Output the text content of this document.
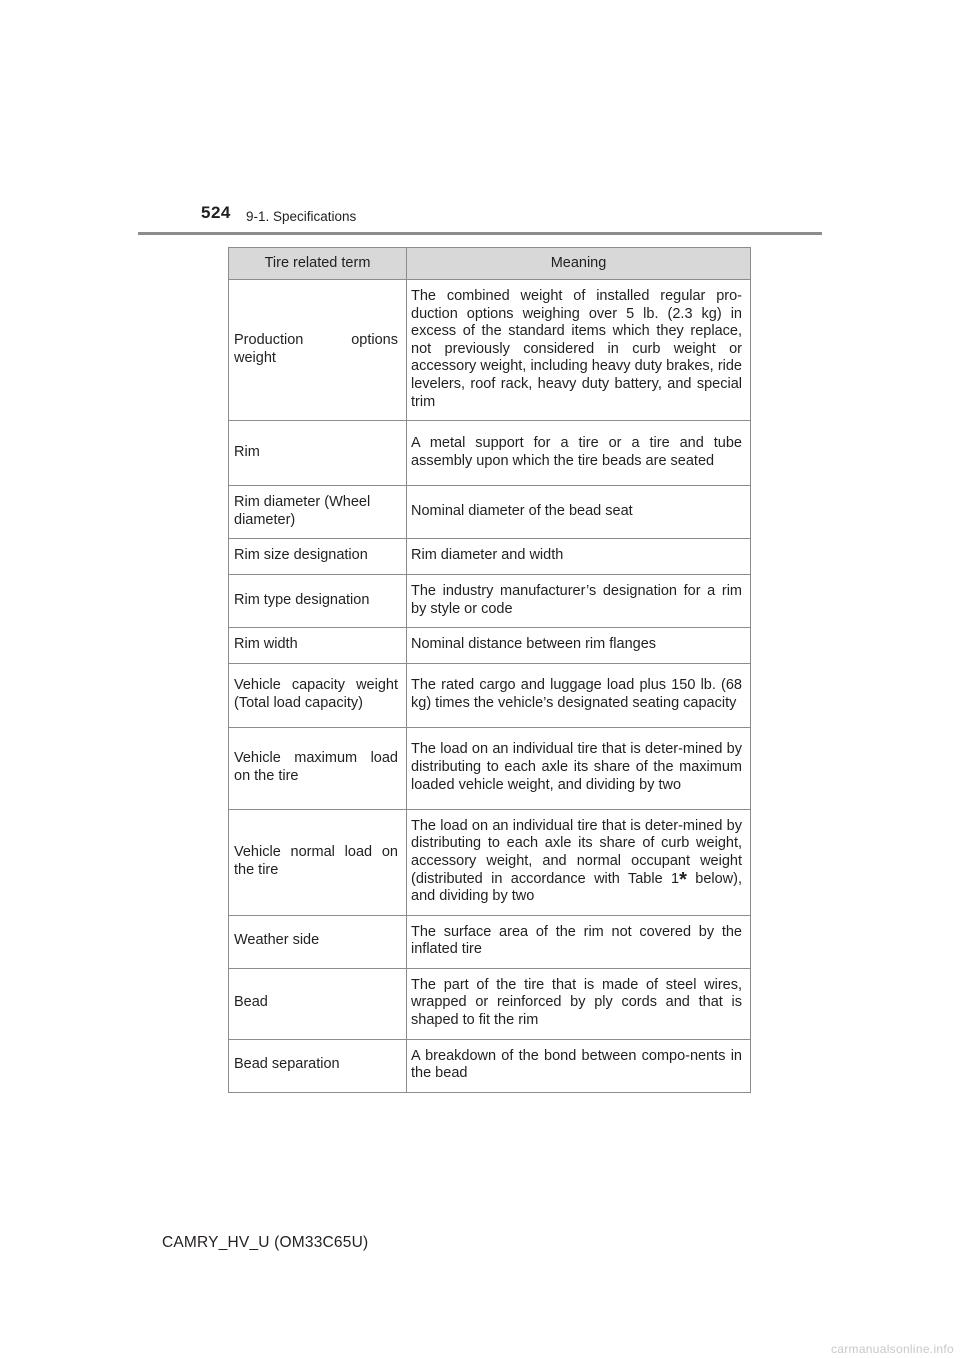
524 9-1. Specifications
Tire related term	Meaning
Production options weight	The combined weight of installed regular pro-duction options weighing over 5 lb. (2.3 kg) in excess of the standard items which they replace, not previously considered in curb weight or accessory weight, including heavy duty brakes, ride levelers, roof rack, heavy duty battery, and special trim
Rim	A metal support for a tire or a tire and tube assembly upon which the tire beads are seated
Rim diameter (Wheel diameter)	Nominal diameter of the bead seat
Rim size designation	Rim diameter and width
Rim type designation	The industry manufacturer’s designation for a rim by style or code
Rim width	Nominal distance between rim flanges
Vehicle capacity weight (Total load capacity)	The rated cargo and luggage load plus 150 lb. (68 kg) times the vehicle’s designated seating capacity
Vehicle maximum load on the tire	The load on an individual tire that is deter-mined by distributing to each axle its share of the maximum loaded vehicle weight, and dividing by two
Vehicle normal load on the tire	The load on an individual tire that is deter-mined by distributing to each axle its share of curb weight, accessory weight, and normal occupant weight (distributed in accordance with Table 1* below), and dividing by two
Weather side	The surface area of the rim not covered by the inflated tire
Bead	The part of the tire that is made of steel wires, wrapped or reinforced by ply cords and that is shaped to fit the rim
Bead separation	A breakdown of the bond between compo-nents in the bead
CAMRY_HV_U (OM33C65U)
carmanualsonline.info
